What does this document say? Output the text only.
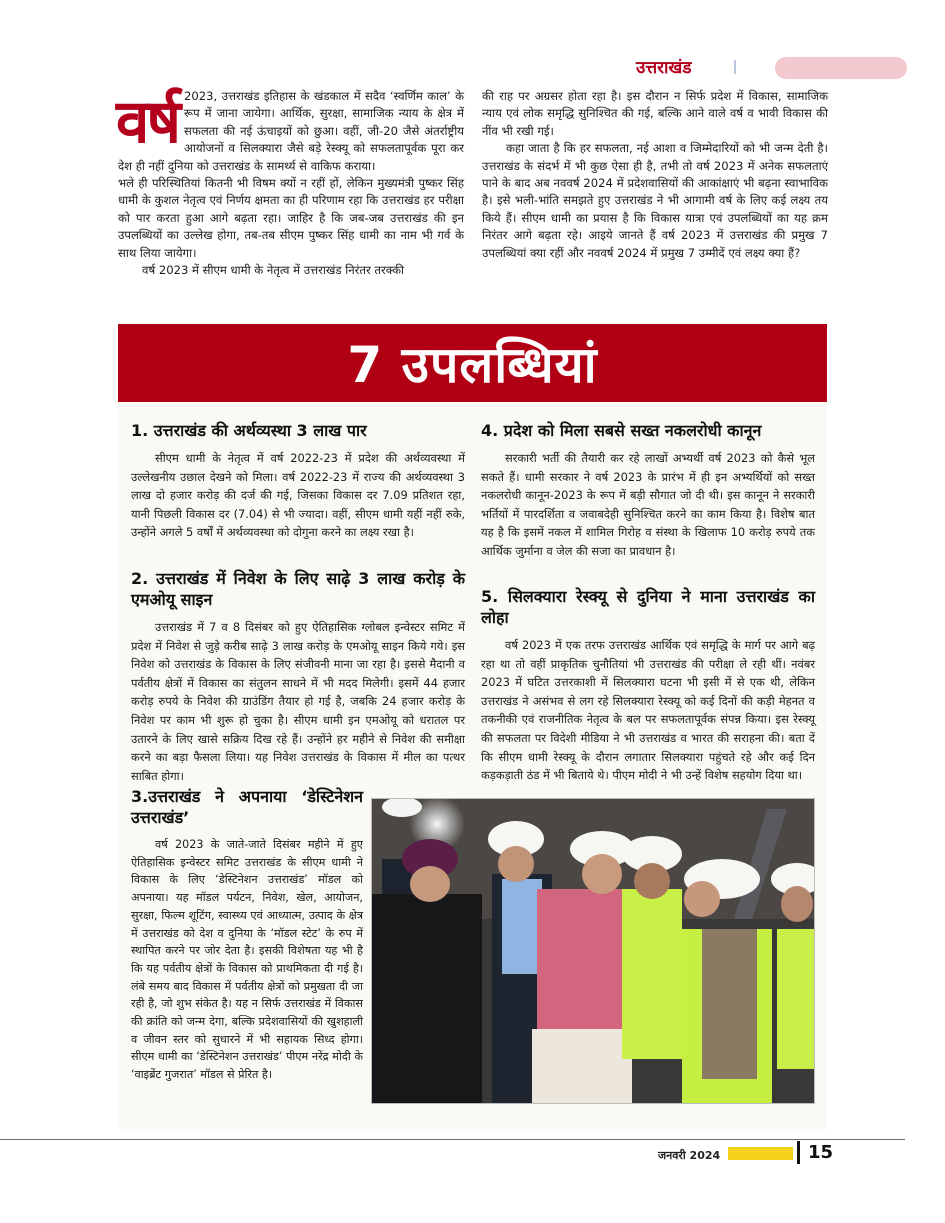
उत्तराखंड

वर्ष 2023, उत्तराखंड इतिहास के खंडकाल में सदैव ‘स्वर्णिम काल’ के रूप में जाना जायेगा। आर्थिक, सुरक्षा, सामाजिक न्याय के क्षेत्र में सफलता की नई ऊंचाइयों को छुआ। वहीं, जी-20 जैसे अंतर्राष्ट्रीय आयोजनों व सिलक्यारा जैसे बड़े रेस्क्यू को सफलतापूर्वक पूरा कर देश ही नहीं दुनिया को उत्तराखंड के सामर्थ्य से वाकिफ कराया।

भले ही परिस्थितियां कितनी भी विषम क्यों न रहीं हों, लेकिन मुख्यमंत्री पुष्कर सिंह धामी के कुशल नेतृत्व एवं निर्णय क्षमता का ही परिणाम रहा कि उत्तराखंड हर परीक्षा को पार करता हुआ आगे बढ़ता रहा। जाहिर है कि जब-जब उत्तराखंड की इन उपलब्धियों का उल्लेख होगा, तब-तब सीएम पुष्कर सिंह धामी का नाम भी गर्व के साथ लिया जायेगा।

वर्ष 2023 में सीएम धामी के नेतृत्व में उत्तराखंड निरंतर तरक्की

की राह पर अग्रसर होता रहा है। इस दौरान न सिर्फ प्रदेश में विकास, सामाजिक न्याय एवं लोक समृद्धि सुनिश्चित की गई, बल्कि आने वाले वर्ष व भावी विकास की नींव भी रखी गई।

कहा जाता है कि हर सफलता, नई आशा व जिम्मेदारियों को भी जन्म देती है। उत्तराखंड के संदर्भ में भी कुछ ऐसा ही है, तभी तो वर्ष 2023 में अनेक सफलताएं पाने के बाद अब नववर्ष 2024 में प्रदेशवासियों की आकांक्षाएं भी बढ़ना स्वाभाविक है। इसे भली-भांति समझते हुए उत्तराखंड ने भी आगामी वर्ष के लिए कई लक्ष्य तय किये हैं। सीएम धामी का प्रयास है कि विकास यात्रा एवं उपलब्धियों का यह क्रम निरंतर आगे बढ़ता रहे। आइये जानते हैं वर्ष 2023 में उत्तराखंड की प्रमुख 7 उपलब्धियां क्या रहीं और नववर्ष 2024 में प्रमुख 7 उम्मीदें एवं लक्ष्य क्या हैं?

7 उपलब्धियां
1. उत्तराखंड की अर्थव्यस्था 3 लाख पार

सीएम धामी के नेतृत्व में वर्ष 2022-23 में प्रदेश की अर्थव्यवस्था में उल्लेखनीय उछाल देखने को मिला। वर्ष 2022-23 में राज्य की अर्थव्यवस्था 3 लाख दो हजार करोड़ की दर्ज की गई, जिसका विकास दर 7.09 प्रतिशत रहा, यानी पिछली विकास दर (7.04) से भी ज्यादा। वहीं, सीएम धामी यहीं नहीं रुके, उन्होंने अगले 5 वर्षों में अर्थव्यवस्था को दोगुना करने का लक्ष्य रखा है।

2. उत्तराखंड में निवेश के लिए साढ़े 3 लाख करोड़ के एमओयू साइन

उत्तराखंड में 7 व 8 दिसंबर को हुए ऐतिहासिक ग्लोबल इन्वेस्टर समिट में प्रदेश में निवेश से जुड़े करीब साढ़े 3 लाख करोड़ के एमओयू साइन किये गये। इस निवेश को उत्तराखंड के विकास के लिए संजीवनी माना जा रहा है। इससे मैदानी व पर्वतीय क्षेत्रों में विकास का संतुलन साधने में भी मदद मिलेगी। इसमें 44 हजार करोड़ रुपये के निवेश की ग्राउंडिंग तैयार हो गई है, जबकि 24 हजार करोड़ के निवेश पर काम भी शुरू हो चुका है। सीएम धामी इन एमओयू को धरातल पर उतारने के लिए खासे सक्रिय दिख रहे हैं। उन्होंने हर महीने से निवेश की समीक्षा करने का बड़ा फैसला लिया। यह निवेश उत्तराखंड के विकास में मील का पत्थर साबित होगा।

3.उत्तराखंड ने अपनाया ‘डेस्टिनेशन उत्तराखंड’

वर्ष 2023 के जाते-जाते दिसंबर महीने में हुए ऐतिहासिक इन्वेस्टर समिट उत्तराखंड के सीएम धामी ने विकास के लिए ‘डेस्टिनेशन उत्तराखंड’ मॉडल को अपनाया। यह मॉडल पर्यटन, निवेश, खेल, आयोजन, सुरक्षा, फिल्म शूटिंग, स्वास्थ्य एवं आध्यात्म, उत्पाद के क्षेत्र में उत्तराखंड को देश व दुनिया के ‘मॉडल स्टेट’ के रुप में स्थापित करने पर जोर देता है। इसकी विशेषता यह भी है कि यह पर्वतीय क्षेत्रों के विकास को प्राथमिकता दी गई है। लंबे समय बाद विकास में पर्वतीय क्षेत्रों को प्रमुखता दी जा रही है, जो शुभ संकेत है। यह न सिर्फ उत्तराखंड में विकास की क्रांति को जन्म देगा, बल्कि प्रदेशवासियों की खुशहाली व जीवन स्तर को सुधारने में भी सहायक सिध्द होगा। सीएम धामी का ‘डेस्टिनेशन उत्तराखंड’ पीएम नरेंद्र मोदी के ‘वाइब्रेंट गुजरात’ मॉडल से प्रेरित है।

4. प्रदेश को मिला सबसे सख्त नकलरोधी कानून

सरकारी भर्ती की तैयारी कर रहे लाखों अभ्यर्थी वर्ष 2023 को कैसे भूल सकते हैं। धामी सरकार ने वर्ष 2023 के प्रारंभ में ही इन अभ्यर्थियों को सख्त नकलरोधी कानून-2023 के रूप में बड़ी सौगात जो दी थी। इस कानून ने सरकारी भर्तियों में पारदर्शिता व जवाबदेही सुनिश्चित करने का काम किया है। विशेष बात यह है कि इसमें नकल में शामिल गिरोह व संस्था के खिलाफ 10 करोड़ रुपये तक आर्थिक जुर्माना व जेल की सजा का प्रावधान है।

5. सिलक्यारा रेस्क्यू से दुनिया ने माना उत्तराखंड का लोहा

वर्ष 2023 में एक तरफ उत्तराखंड आर्थिक एवं समृद्धि के मार्ग पर आगे बढ़ रहा था तो वहीं प्राकृतिक चुनौतियां भी उत्तराखंड की परीक्षा ले रही थीं। नवंबर 2023 में घटित उत्तरकाशी में सिलक्यारा घटना भी इसी में से एक थी, लेकिन उत्तराखंड ने असंभव से लग रहे सिलक्यारा रेस्क्यू को कई दिनों की कड़ी मेहनत व तकनीकी एवं राजनीतिक नेतृत्व के बल पर सफलतापूर्वक संपन्न किया। इस रेस्क्यू की सफलता पर विदेशी मीडिया ने भी उत्तराखंड व भारत की सराहना की। बता दें कि सीएम धामी रेस्क्यू के दौरान लगातार सिलक्यारा पहुंचते रहे और कई दिन कड़कड़ाती ठंड में भी बिताये थे। पीएम मोदी ने भी उन्हें विशेष सहयोग दिया था।

जनवरी 2024	15
